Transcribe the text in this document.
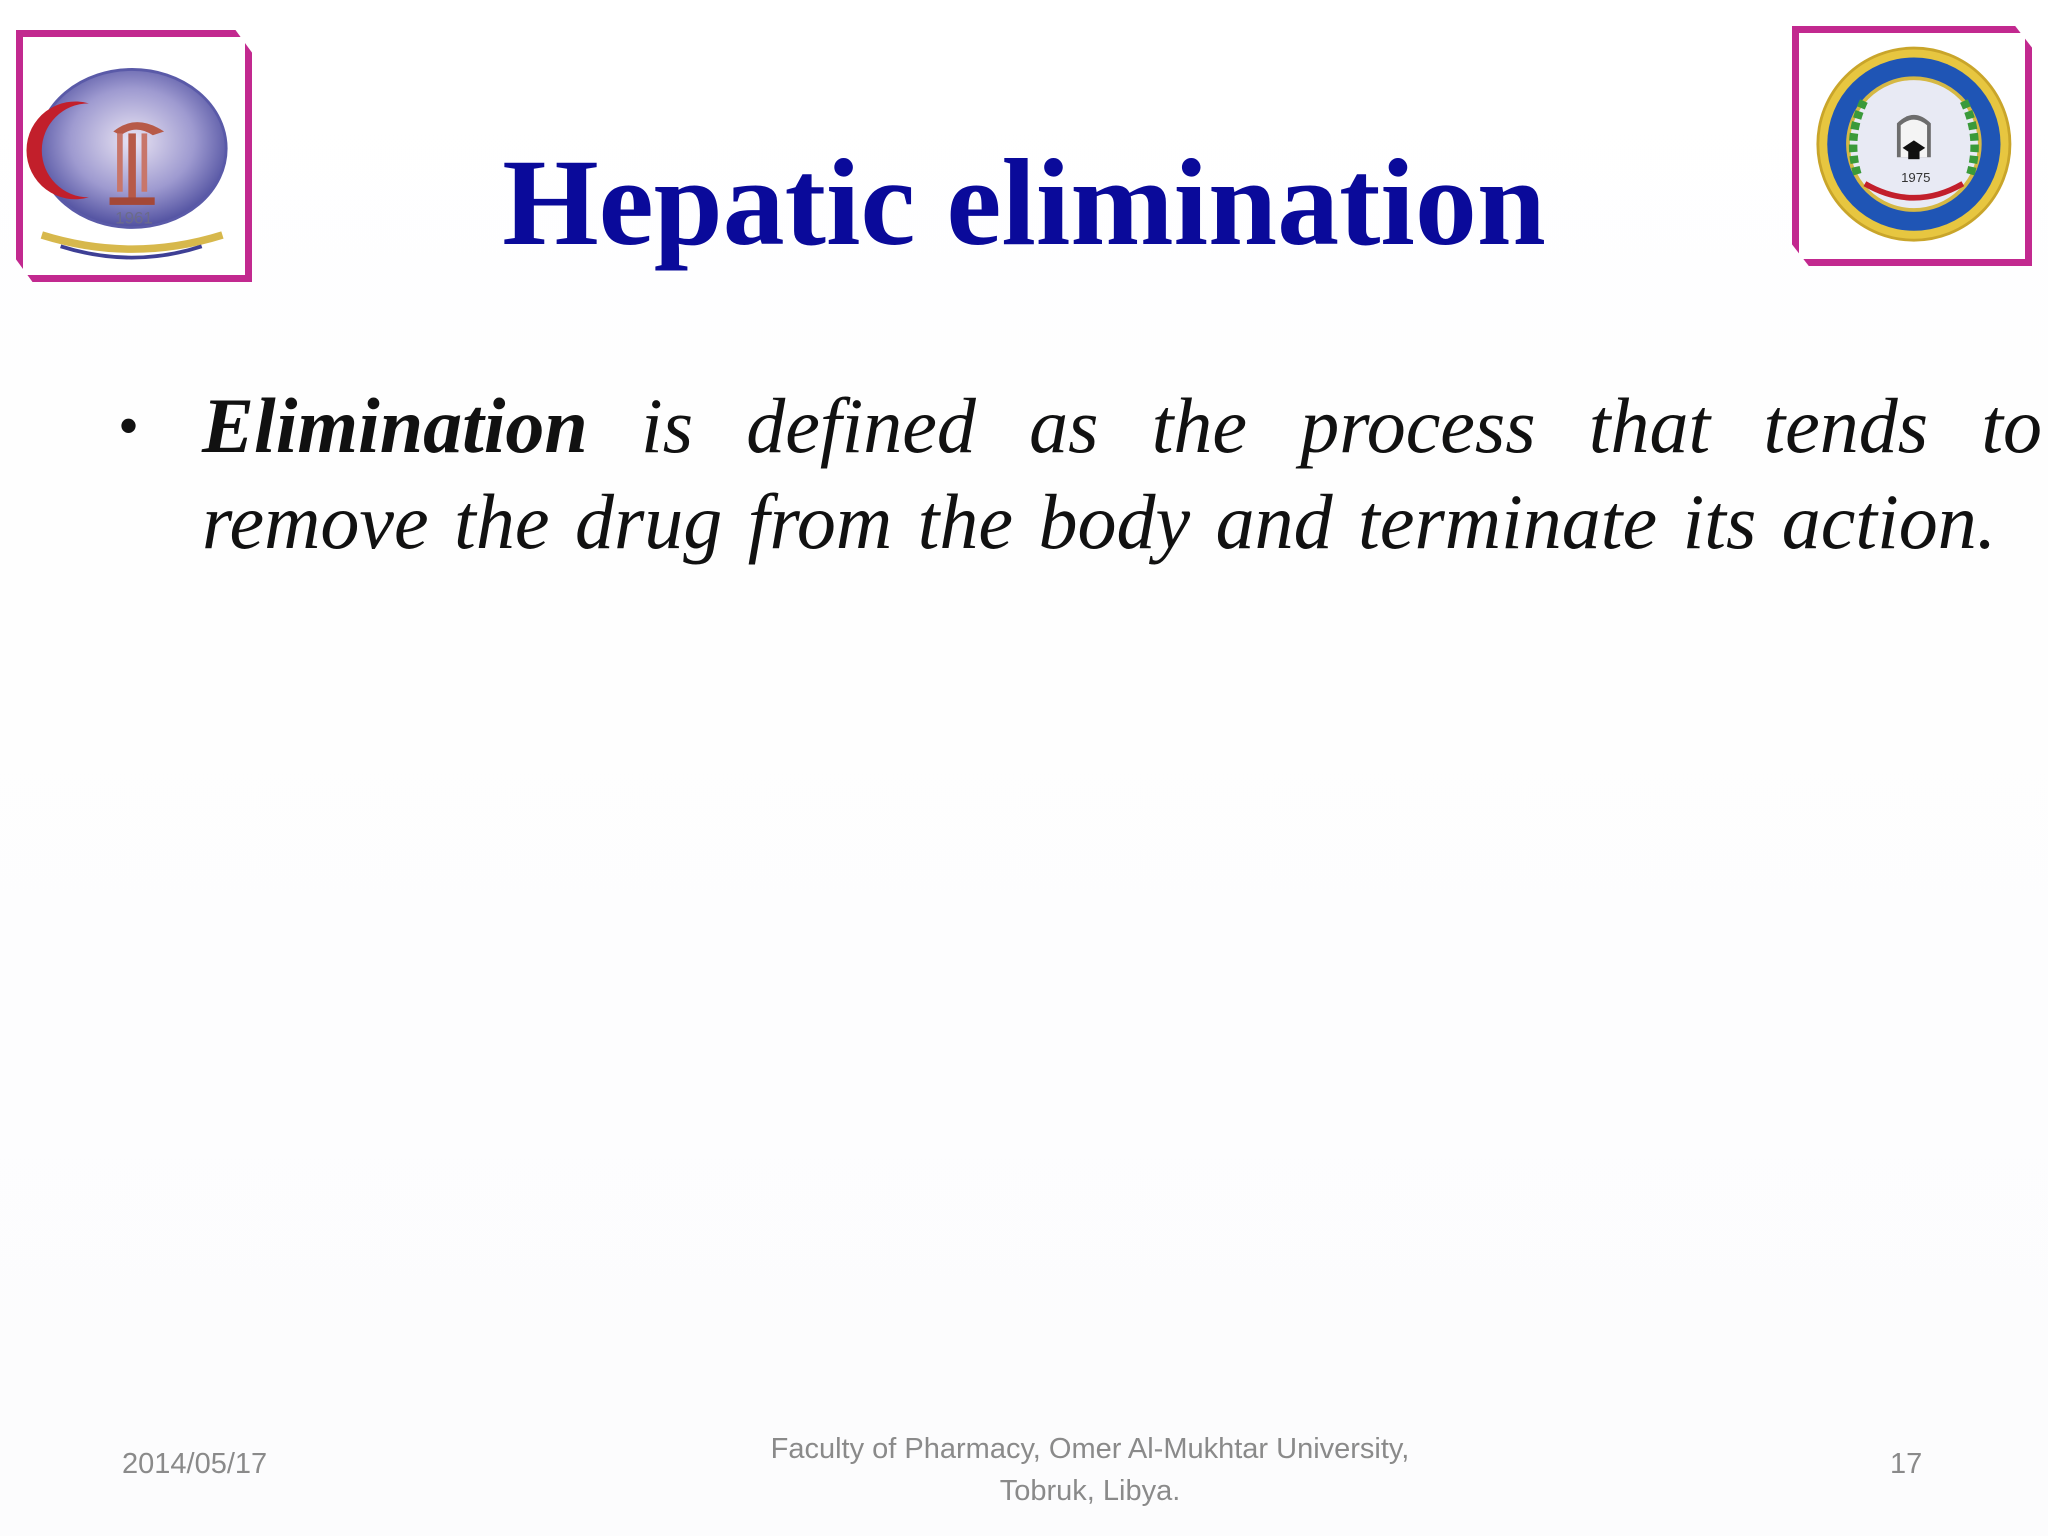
1961
1975
Hepatic elimination
• Elimination is defined as the process that tends to remove the drug from the body and terminate its action.

2014/05/17	Faculty of Pharmacy, Omer Al-Mukhtar University,
Tobruk, Libya.
17
